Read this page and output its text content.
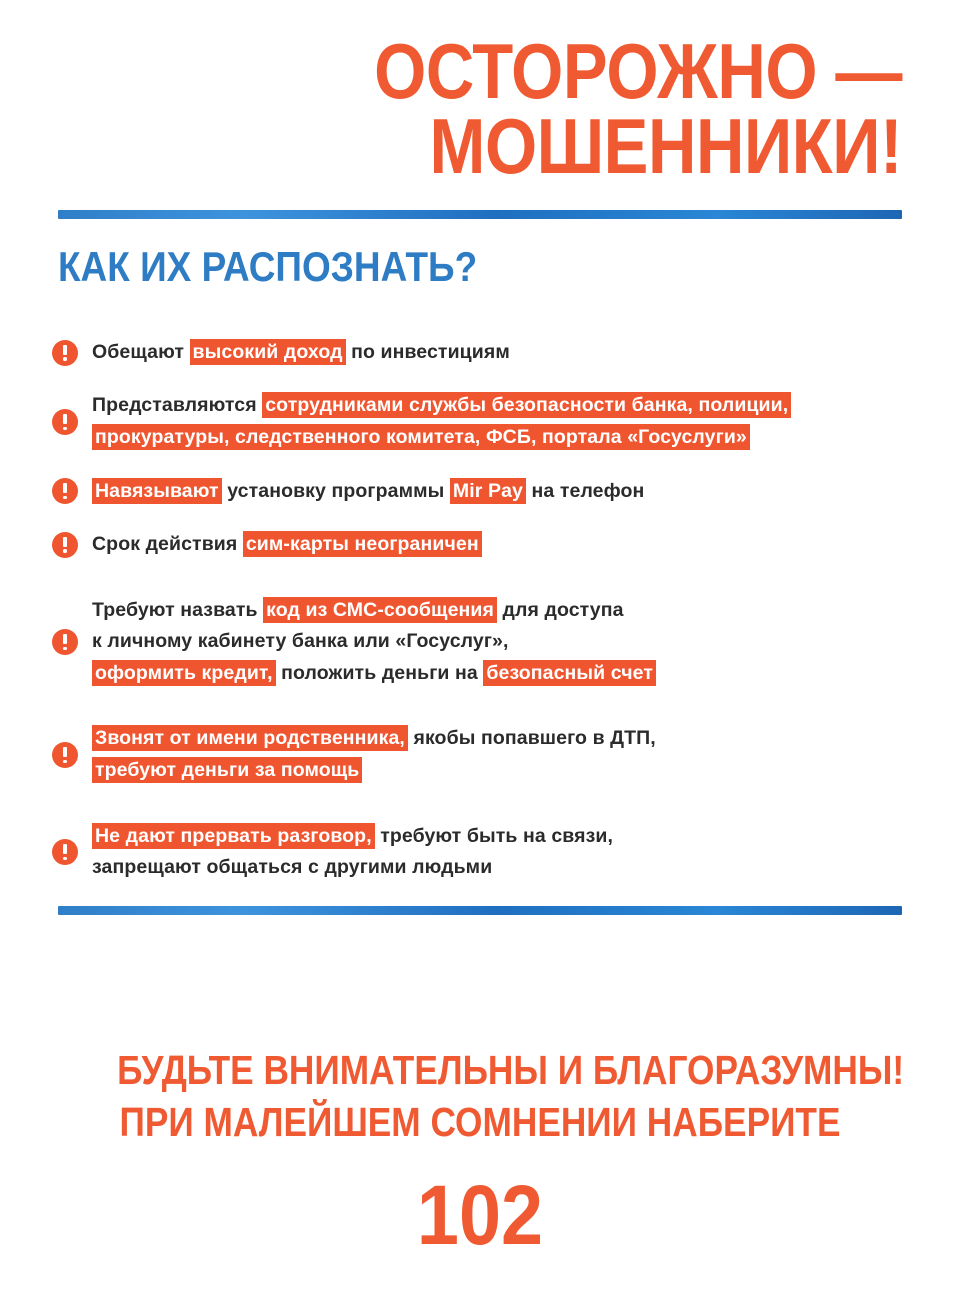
ОСТОРОЖНО —
МОШЕННИКИ!
КАК ИХ РАСПОЗНАТЬ?
Обещают высокий доход по инвестициям
Представляются сотрудниками службы безопасности банка, полиции,
прокуратуры, следственного комитета, ФСБ, портала «Госуслуги»
Навязывают установку программы Mir Pay на телефон
Срок действия сим-карты неограничен
Требуют назвать код из СМС-сообщения для доступа
к личному кабинету банка или «Госуслуг»,
оформить кредит, положить деньги на безопасный счет
Звонят от имени родственника, якобы попавшего в ДТП,
требуют деньги за помощь
Не дают прервать разговор, требуют быть на связи,
запрещают общаться с другими людьми
БУДЬТЕ ВНИМАТЕЛЬНЫ И БЛАГОРАЗУМНЫ!
ПРИ МАЛЕЙШЕМ СОМНЕНИИ НАБЕРИТЕ
102
